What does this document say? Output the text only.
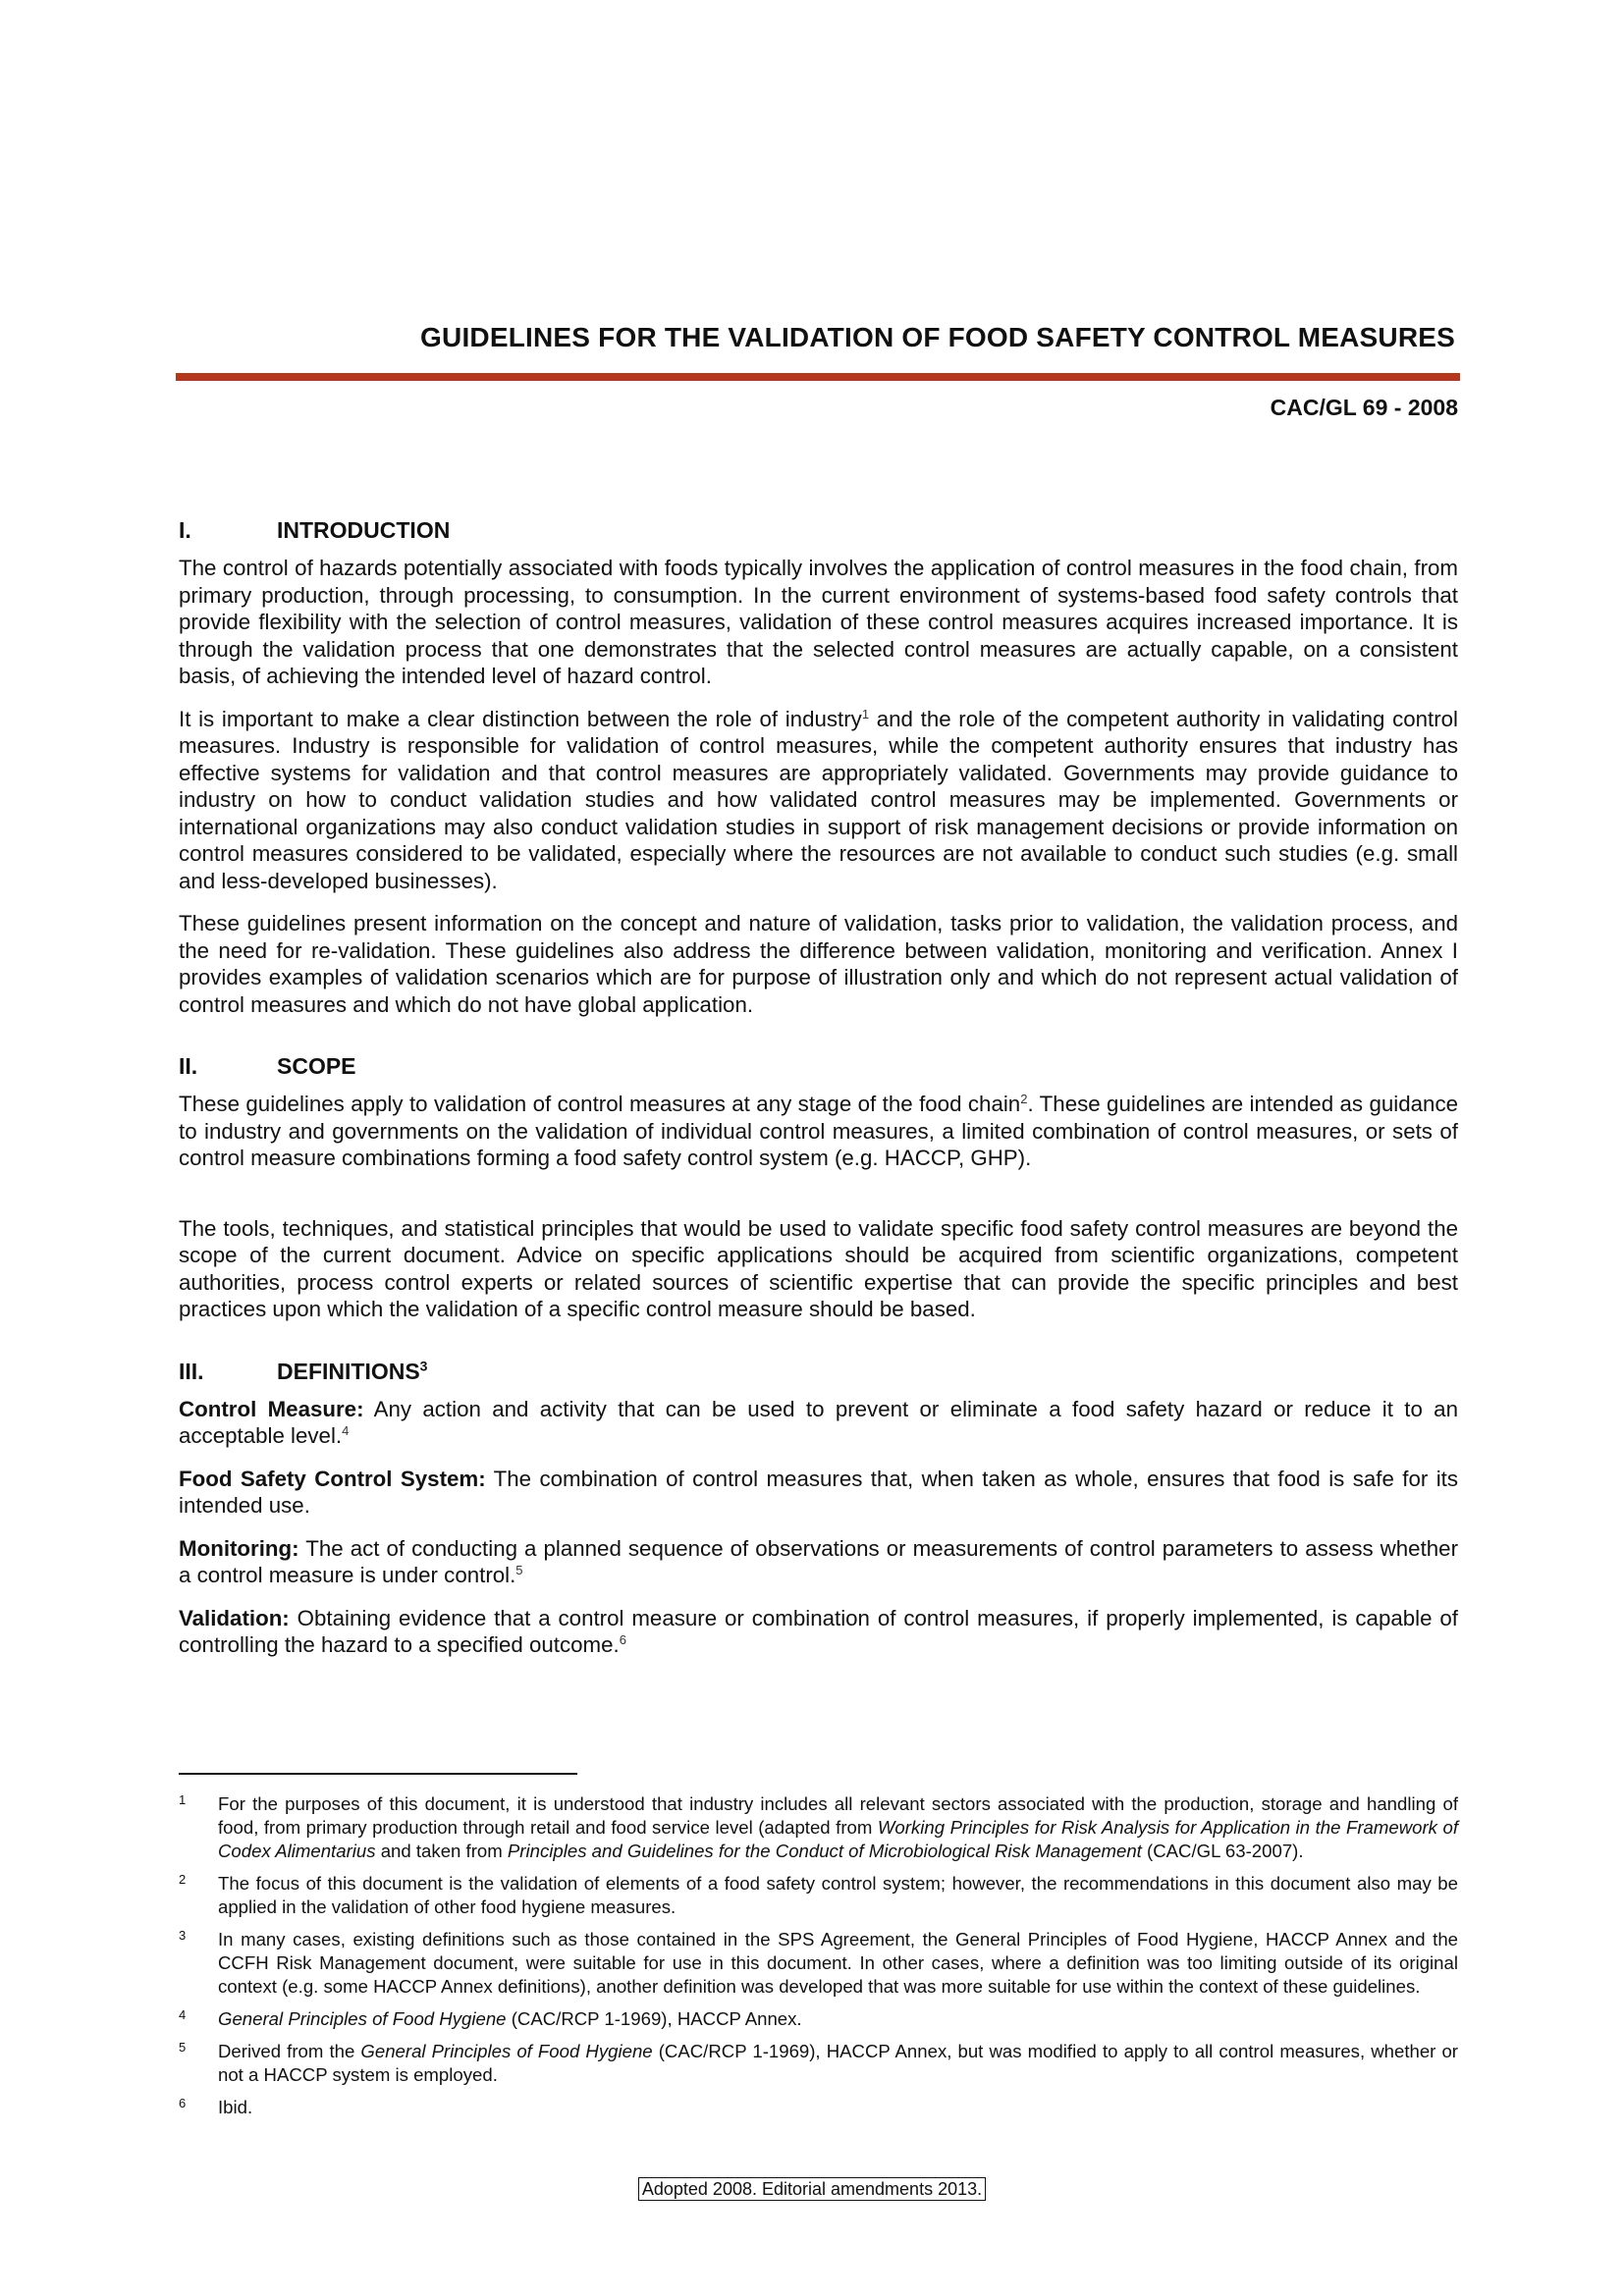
GUIDELINES FOR THE VALIDATION OF FOOD SAFETY CONTROL MEASURES
CAC/GL 69 - 2008
I.	INTRODUCTION

The control of hazards potentially associated with foods typically involves the application of control measures in the food chain, from primary production, through processing, to consumption. In the current environment of systems-based food safety controls that provide flexibility with the selection of control measures, validation of these control measures acquires increased importance. It is through the validation process that one demonstrates that the selected control measures are actually capable, on a consistent basis, of achieving the intended level of hazard control.

It is important to make a clear distinction between the role of industry$^1$ and the role of the competent authority in validating control measures. Industry is responsible for validation of control measures, while the competent authority ensures that industry has effective systems for validation and that control measures are appropriately validated. Governments may provide guidance to industry on how to conduct validation studies and how validated control measures may be implemented. Governments or international organizations may also conduct validation studies in support of risk management decisions or provide information on control measures considered to be validated, especially where the resources are not available to conduct such studies (e.g. small and less-developed businesses).

These guidelines present information on the concept and nature of validation, tasks prior to validation, the validation process, and the need for re-validation. These guidelines also address the difference between validation, monitoring and verification. Annex I provides examples of validation scenarios which are for purpose of illustration only and which do not represent actual validation of control measures and which do not have global application.

II.	SCOPE

These guidelines apply to validation of control measures at any stage of the food chain$^2$. These guidelines are intended as guidance to industry and governments on the validation of individual control measures, a limited combination of control measures, or sets of control measure combinations forming a food safety control system (e.g. HACCP, GHP).

The tools, techniques, and statistical principles that would be used to validate specific food safety control measures are beyond the scope of the current document. Advice on specific applications should be acquired from scientific organizations, competent authorities, process control experts or related sources of scientific expertise that can provide the specific principles and best practices upon which the validation of a specific control measure should be based.

III.	DEFINITIONS$^3$

Control Measure: Any action and activity that can be used to prevent or eliminate a food safety hazard or reduce it to an acceptable level.$^4$

Food Safety Control System: The combination of control measures that, when taken as whole, ensures that food is safe for its intended use.

Monitoring: The act of conducting a planned sequence of observations or measurements of control parameters to assess whether a control measure is under control.$^5$

Validation: Obtaining evidence that a control measure or combination of control measures, if properly implemented, is capable of controlling the hazard to a specified outcome.$^6$

1	For the purposes of this document, it is understood that industry includes all relevant sectors associated with the production, storage and handling of food, from primary production through retail and food service level (adapted from Working Principles for Risk Analysis for Application in the Framework of Codex Alimentarius and taken from Principles and Guidelines for the Conduct of Microbiological Risk Management (CAC/GL 63-2007).
2	The focus of this document is the validation of elements of a food safety control system; however, the recommendations in this document also may be applied in the validation of other food hygiene measures.
3	In many cases, existing definitions such as those contained in the SPS Agreement, the General Principles of Food Hygiene, HACCP Annex and the CCFH Risk Management document, were suitable for use in this document. In other cases, where a definition was too limiting outside of its original context (e.g. some HACCP Annex definitions), another definition was developed that was more suitable for use within the context of these guidelines.
4	General Principles of Food Hygiene (CAC/RCP 1-1969), HACCP Annex.
5	Derived from the General Principles of Food Hygiene (CAC/RCP 1-1969), HACCP Annex, but was modified to apply to all control measures, whether or not a HACCP system is employed.
6	Ibid.
Adopted 2008. Editorial amendments 2013.
